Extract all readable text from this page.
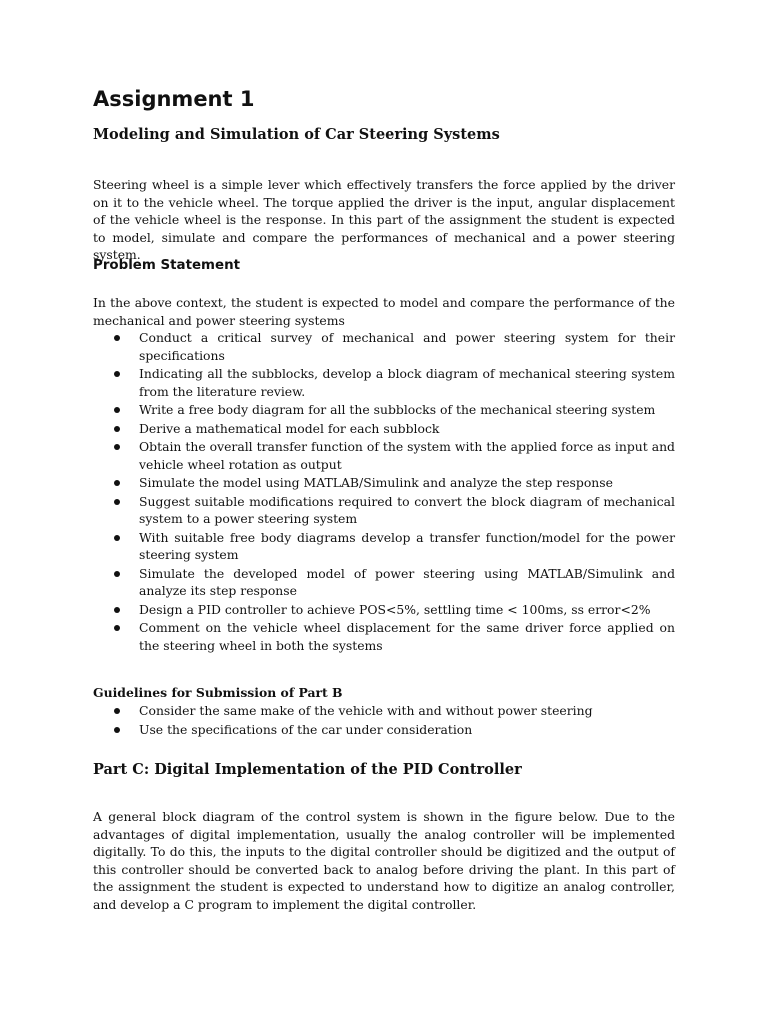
Assignment 1
Modeling and Simulation of Car Steering Systems

Steering wheel is a simple lever which effectively transfers the force applied by the driver on it to the vehicle wheel. The torque applied the driver is the input, angular displacement of the vehicle wheel is the response. In this part of the assignment the student is expected to model, simulate and compare the performances of mechanical and a power steering system.

Problem Statement

In the above context, the student is expected to model and compare the performance of the mechanical and power steering systems

Conduct a critical survey of mechanical and power steering system for their specifications
Indicating all the subblocks, develop a block diagram of mechanical steering system from the literature review.
Write a free body diagram for all the subblocks of the mechanical steering system
Derive a mathematical model for each subblock
Obtain the overall transfer function of the system with the applied force as input and vehicle wheel rotation as output
Simulate the model using MATLAB/Simulink and analyze the step response
Suggest suitable modifications required to convert the block diagram of mechanical system to a power steering system
With suitable free body diagrams develop a transfer function/model for the power steering system
Simulate the developed model of power steering using MATLAB/Simulink and analyze its step response
Design a PID controller to achieve POS<5%, settling time < 100ms, ss error<2%
Comment on the vehicle wheel displacement for the same driver force applied on the steering wheel in both the systems
Guidelines for Submission of Part B
Consider the same make of the vehicle with and without power steering
Use the specifications of the car under consideration
Part C: Digital Implementation of the PID Controller

A general block diagram of the control system is shown in the figure below. Due to the advantages of digital implementation, usually the analog controller will be implemented digitally. To do this, the inputs to the digital controller should be digitized and the output of this controller should be converted back to analog before driving the plant. In this part of the assignment the student is expected to understand how to digitize an analog controller, and develop a C program to implement the digital controller.
